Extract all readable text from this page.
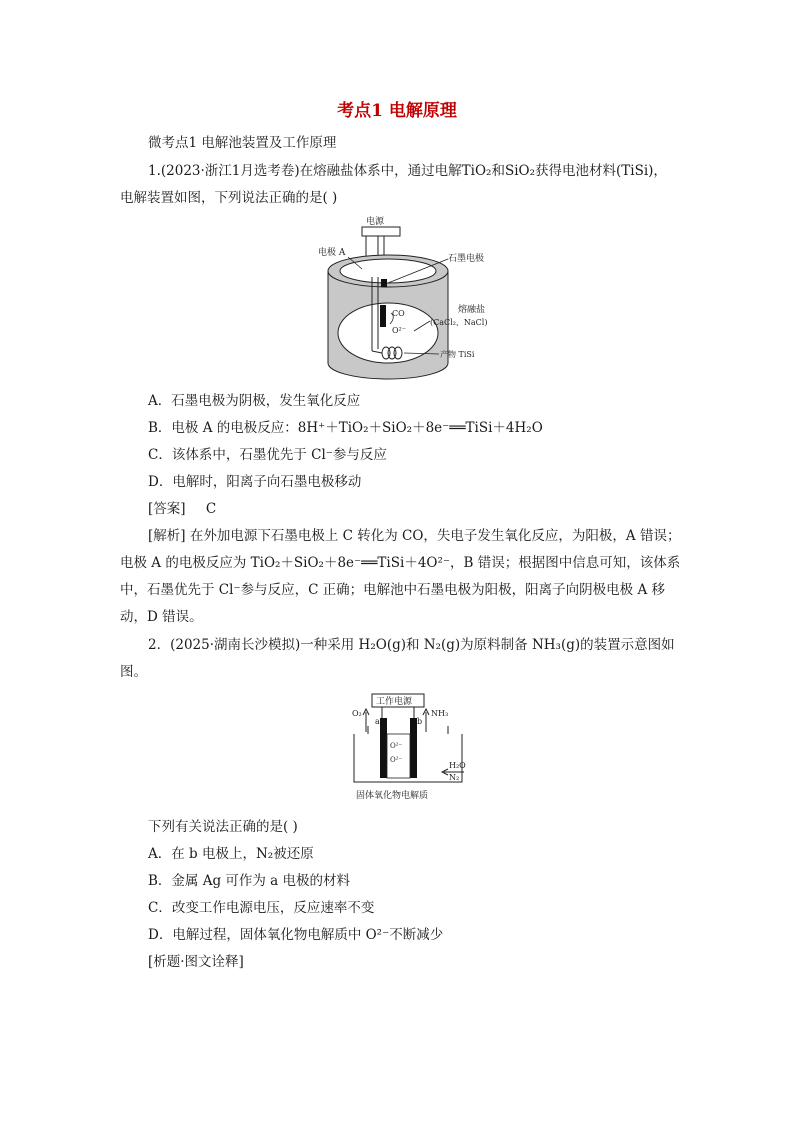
考点1 电解原理
微考点1 电解池装置及工作原理
1.(2023·浙江1月选考卷)在熔融盐体系中，通过电解TiO₂和SiO₂获得电池材料(TiSi)，
电解装置如图，下列说法正确的是( )
电源
电极 A
石墨电极
CO
O²⁻
熔融盐
(CaCl₂、NaCl)
产物 TiSi
A．石墨电极为阴极，发生氧化反应
B．电极 A 的电极反应：8H⁺＋TiO₂＋SiO₂＋8e⁻══TiSi＋4H₂O
C．该体系中，石墨优先于 Cl⁻参与反应
D．电解时，阳离子向石墨电极移动
[答案] C
[解析] 在外加电源下石墨电极上 C 转化为 CO，失电子发生氧化反应，为阳极，A 错误；
电极 A 的电极反应为 TiO₂＋SiO₂＋8e⁻══TiSi＋4O²⁻，B 错误；根据图中信息可知，该体系
中，石墨优先于 Cl⁻参与反应，C 正确；电解池中石墨电极为阳极，阳离子向阴极电极 A 移
动，D 错误。
2．(2025·湖南长沙模拟)一种采用 H₂O(g)和 N₂(g)为原料制备 NH₃(g)的装置示意图如
图。
工作电源
a	b
O²⁻
O²⁻
O₂	NH₃
H₂O
N₂
固体氧化物电解质
下列有关说法正确的是( )
A．在 b 电极上，N₂被还原
B．金属 Ag 可作为 a 电极的材料
C．改变工作电源电压，反应速率不变
D．电解过程，固体氧化物电解质中 O²⁻不断减少
[析题·图文诠释]
